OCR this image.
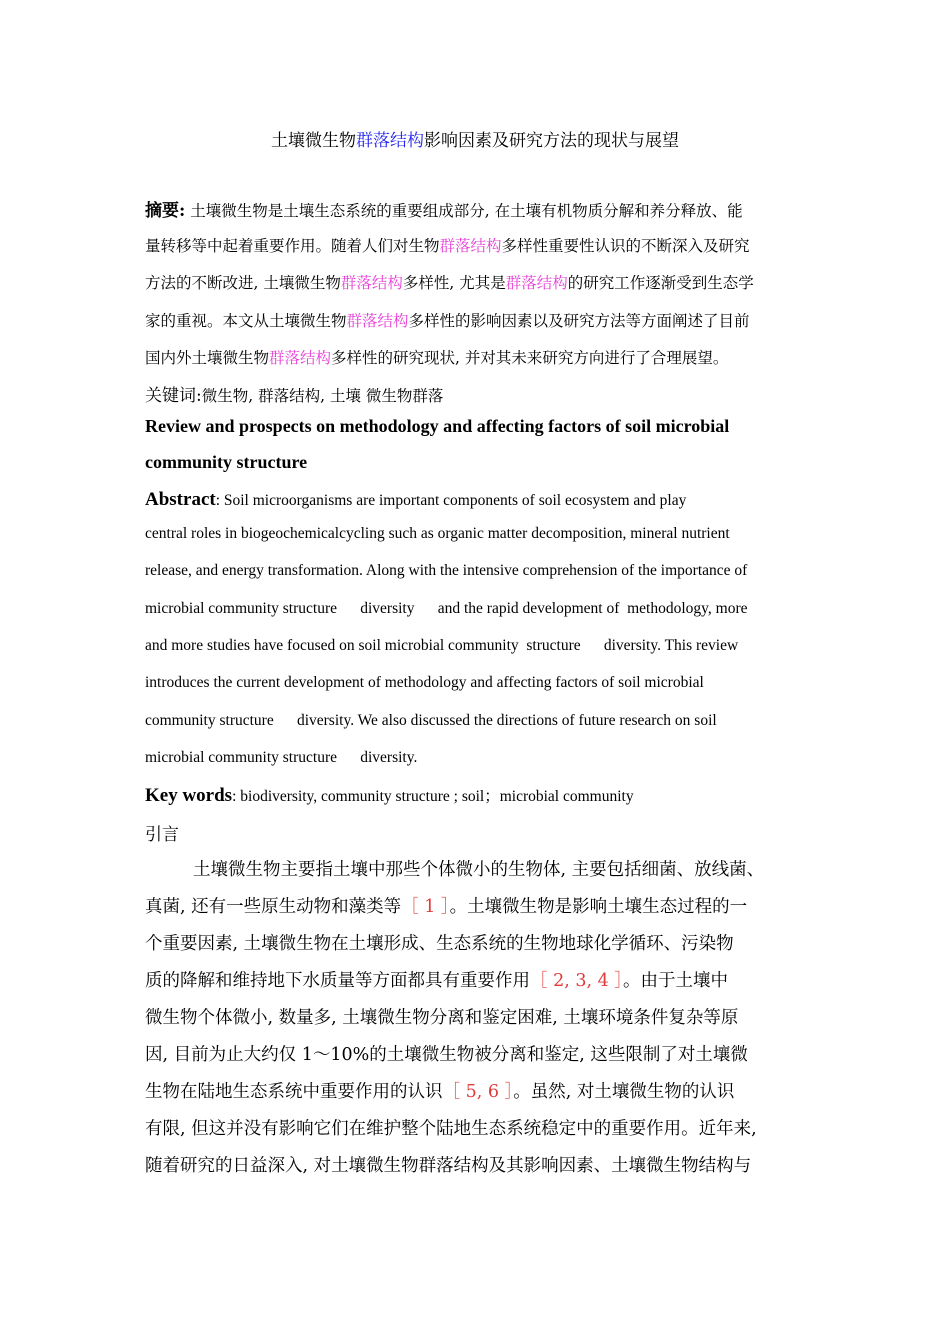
土壤微生物群落结构影响因素及研究方法的现状与展望
摘要: 土壤微生物是土壤生态系统的重要组成部分, 在土壤有机物质分解和养分释放、能
量转移等中起着重要作用。随着人们对生物群落结构多样性重要性认识的不断深入及研究
方法的不断改进, 土壤微生物群落结构多样性, 尤其是群落结构的研究工作逐渐受到生态学
家的重视。本文从土壤微生物群落结构多样性的影响因素以及研究方法等方面阐述了目前
国内外土壤微生物群落结构多样性的研究现状, 并对其未来研究方向进行了合理展望。
关键词:微生物, 群落结构, 土壤 微生物群落
Review and prospects on methodology and affecting factors of soil microbial
community structure
Abstract: Soil microorganisms are important components of soil ecosystem and play
central roles in biogeochemicalcycling such as organic matter decomposition, mineral nutrient
release, and energy transformation. Along with the intensive comprehension of the importance of
microbial community structure      diversity      and the rapid development of  methodology, more
and more studies have focused on soil microbial community  structure      diversity. This review
introduces the current development of methodology and affecting factors of soil microbial
community structure      diversity. We also discussed the directions of future research on soil
microbial community structure      diversity.
Key words: biodiversity, community structure ; soil；microbial community
引言
土壤微生物主要指土壤中那些个体微小的生物体, 主要包括细菌、放线菌、
真菌, 还有一些原生动物和藻类等［ 1 ］。土壤微生物是影响土壤生态过程的一
个重要因素, 土壤微生物在土壤形成、生态系统的生物地球化学循环、污染物
质的降解和维持地下水质量等方面都具有重要作用［ 2, 3, 4 ］。由于土壤中
微生物个体微小, 数量多, 土壤微生物分离和鉴定困难, 土壤环境条件复杂等原
因, 目前为止大约仅 1～10%的土壤微生物被分离和鉴定, 这些限制了对土壤微
生物在陆地生态系统中重要作用的认识［ 5, 6 ］。虽然, 对土壤微生物的认识
有限, 但这并没有影响它们在维护整个陆地生态系统稳定中的重要作用。近年来,
随着研究的日益深入, 对土壤微生物群落结构及其影响因素、土壤微生物结构与
